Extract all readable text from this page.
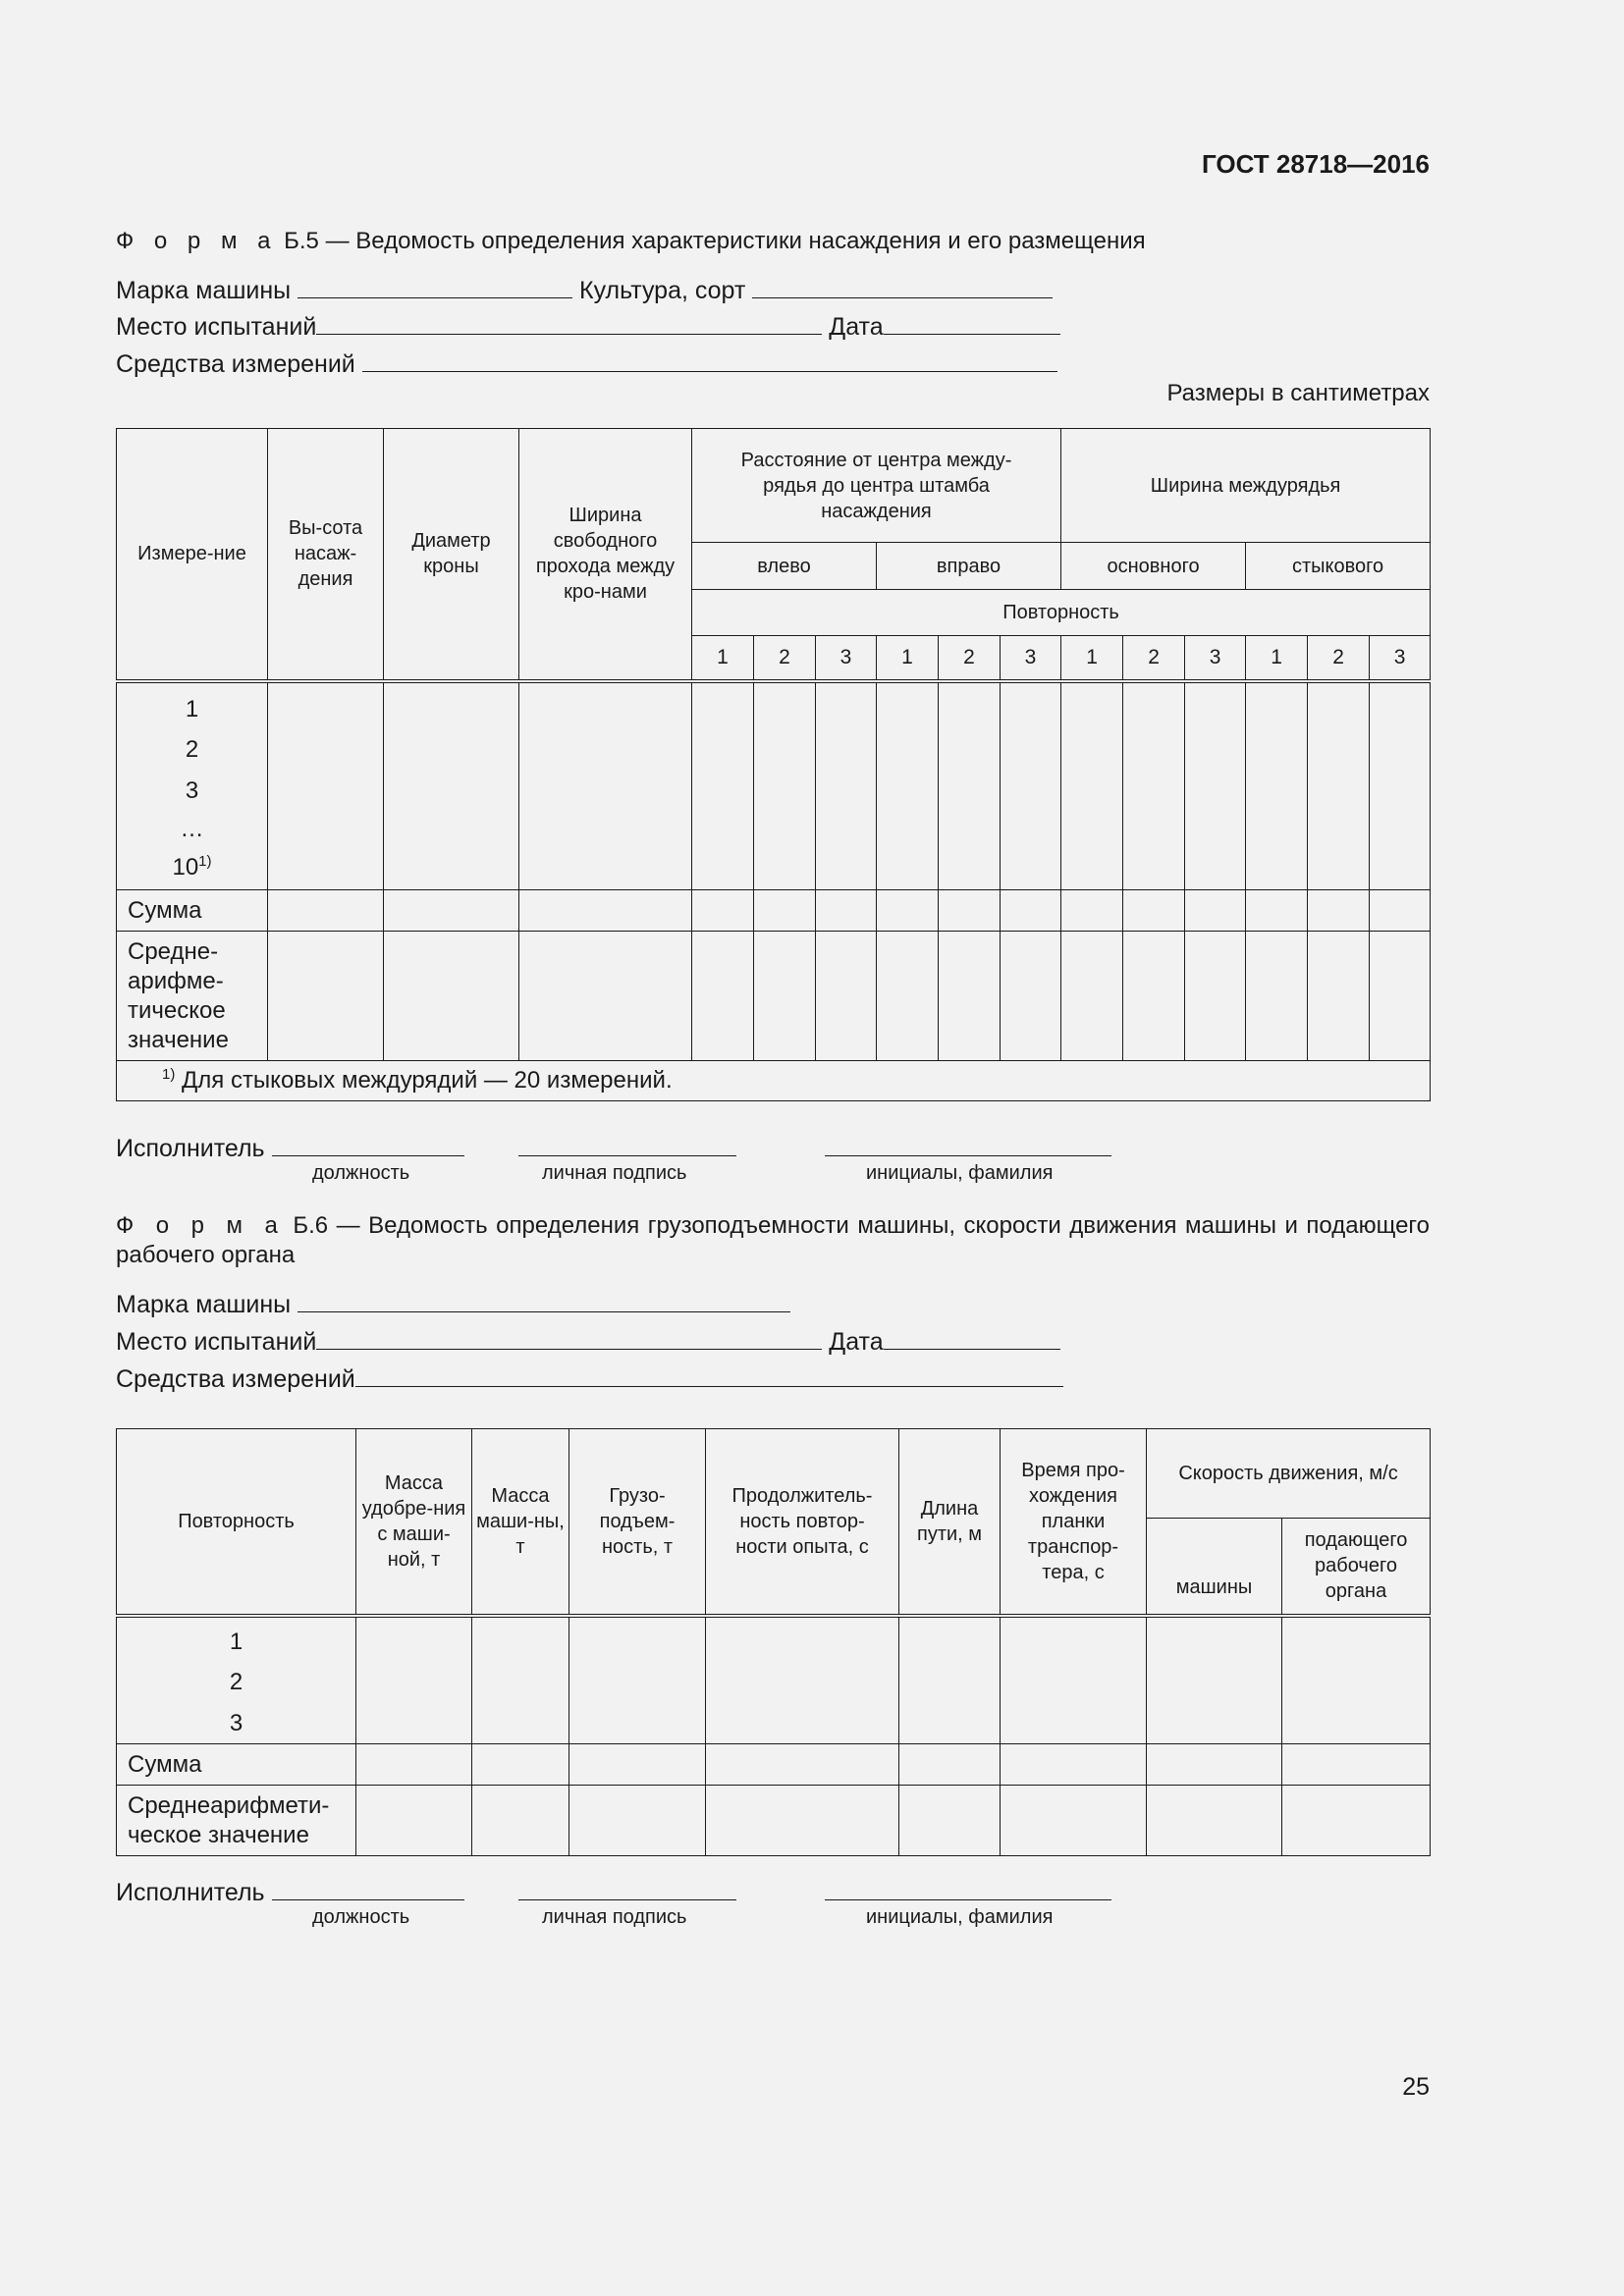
ГОСТ 28718—2016
Ф о р м а Б.5 — Ведомость определения характеристики насаждения и его размещения
Марка машины	Культура, сорт
Место испытаний	Дата
Средства измерений
Размеры в сантиметрах
Измере-ние	Вы-сота насаж-дения	Диаметр кроны	Ширина свободного прохода между кро-нами	Расстояние от центра между-рядья до центра штамба насаждения						Ширина междурядья						
				влево			вправо			основного			стыкового			
				Повторность												
				1	2	3	1	2	3	1	2	3	1	2	3	

1
2
3
…
10$^{1)}$

Сумма																
Средне-арифме-тическое значение																
$^{1)}$ Для стыковых междурядий — 20 измерений.																
Исполнитель
должность	личная подпись	инициалы, фамилия
Ф о р м а Б.6 — Ведомость определения грузоподъемности машины, скорости движения машины и подающего рабочего органа
Марка машины
Место испытаний	Дата
Средства измерений
Повторность	Масса удобре-ния с маши-ной, т	Масса маши-ны, т	Грузо-подъем-ность, т	Продолжитель-ность повтор-ности опыта, с	Длина пути, м	Время про-хождения планки транспор-тера, с	Скорость движения, м/с	
							машины	подающего рабочего органа

1
2
3								

Сумма								
Среднеарифмети-ческое значение								
Исполнитель
должность	личная подпись	инициалы, фамилия
25
